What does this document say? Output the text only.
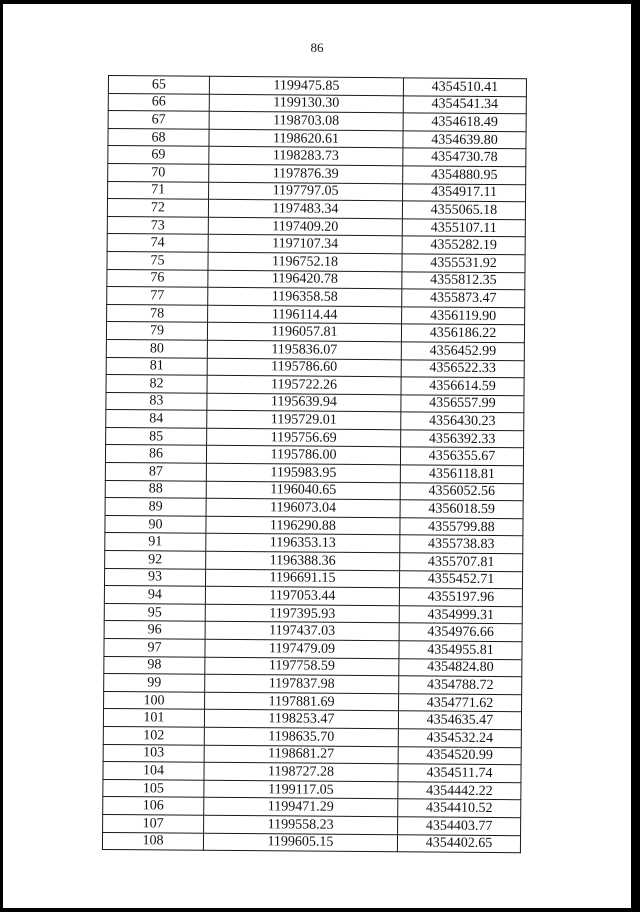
86
65	1199475.85	4354510.41
66	1199130.30	4354541.34
67	1198703.08	4354618.49
68	1198620.61	4354639.80
69	1198283.73	4354730.78
70	1197876.39	4354880.95
71	1197797.05	4354917.11
72	1197483.34	4355065.18
73	1197409.20	4355107.11
74	1197107.34	4355282.19
75	1196752.18	4355531.92
76	1196420.78	4355812.35
77	1196358.58	4355873.47
78	1196114.44	4356119.90
79	1196057.81	4356186.22
80	1195836.07	4356452.99
81	1195786.60	4356522.33
82	1195722.26	4356614.59
83	1195639.94	4356557.99
84	1195729.01	4356430.23
85	1195756.69	4356392.33
86	1195786.00	4356355.67
87	1195983.95	4356118.81
88	1196040.65	4356052.56
89	1196073.04	4356018.59
90	1196290.88	4355799.88
91	1196353.13	4355738.83
92	1196388.36	4355707.81
93	1196691.15	4355452.71
94	1197053.44	4355197.96
95	1197395.93	4354999.31
96	1197437.03	4354976.66
97	1197479.09	4354955.81
98	1197758.59	4354824.80
99	1197837.98	4354788.72
100	1197881.69	4354771.62
101	1198253.47	4354635.47
102	1198635.70	4354532.24
103	1198681.27	4354520.99
104	1198727.28	4354511.74
105	1199117.05	4354442.22
106	1199471.29	4354410.52
107	1199558.23	4354403.77
108	1199605.15	4354402.65
